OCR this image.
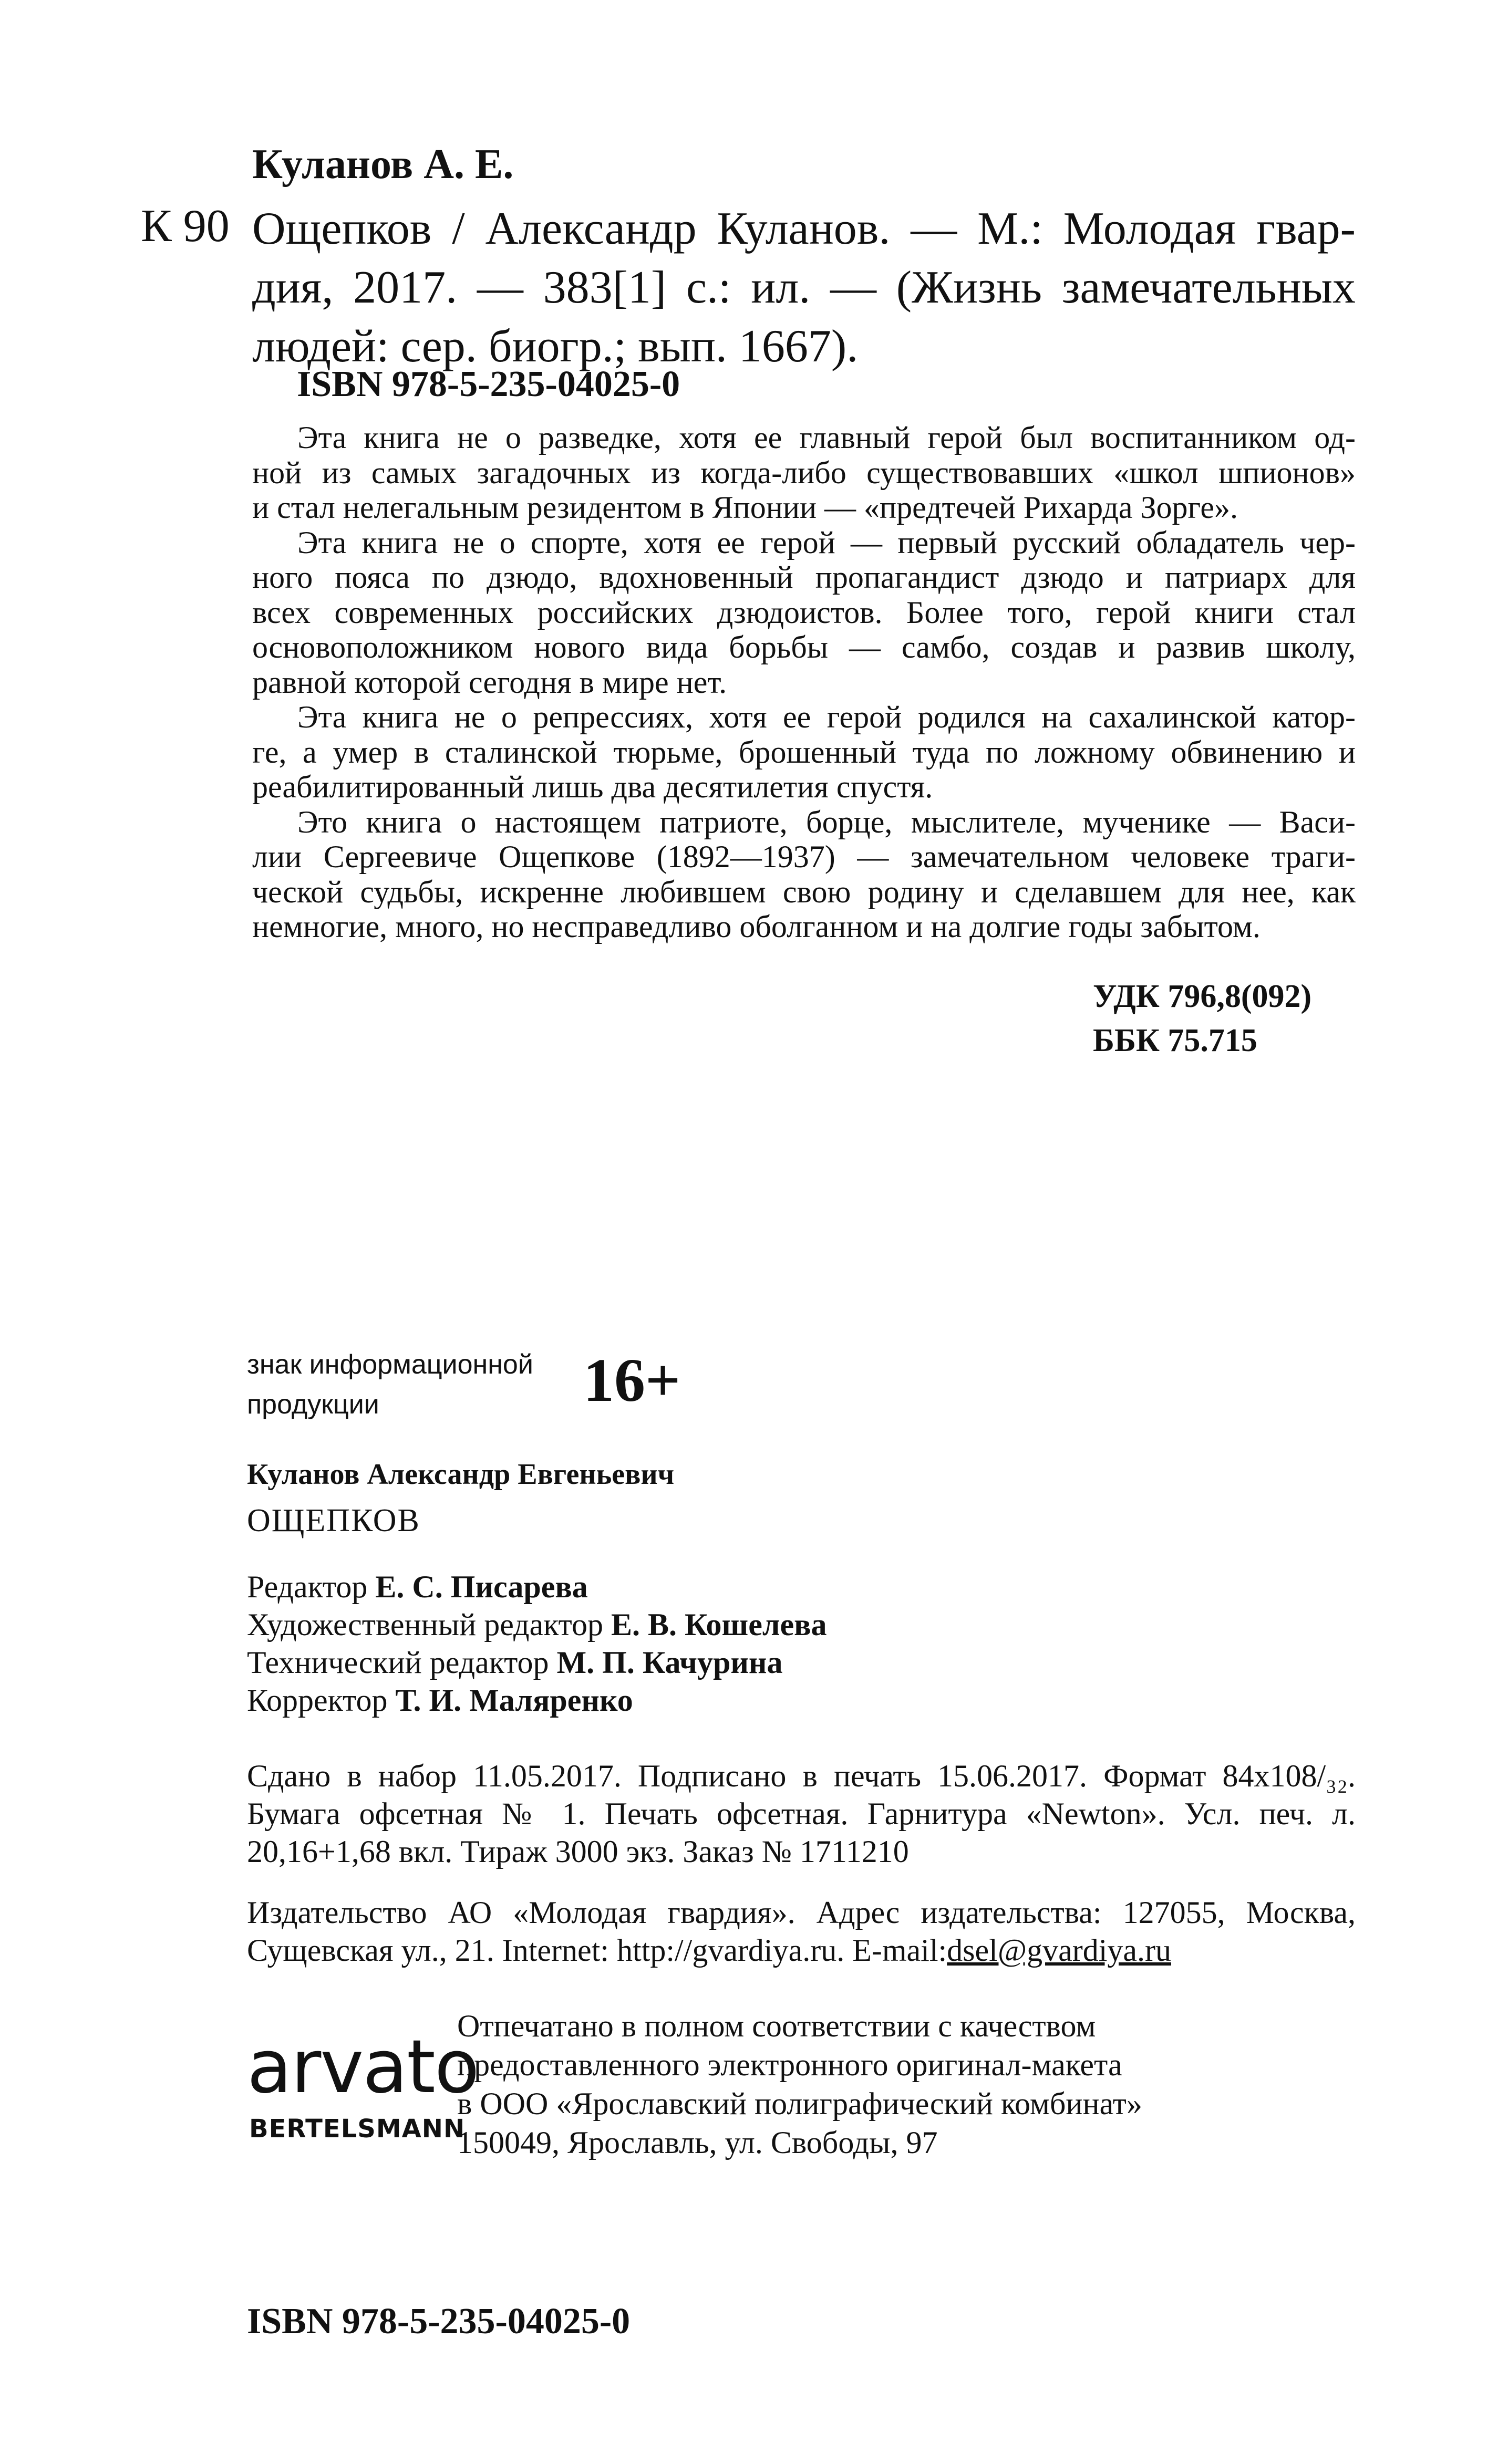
Куланов А. Е.
К 90 Ощепков / Александр Куланов. — М.: Молодая гвар-
дия, 2017. — 383[1] с.: ил. — (Жизнь замечательных
людей: сер. биогр.; вып. 1667).
ISBN 978-5-235-04025-0
Эта книга не о разведке, хотя ее главный герой был воспитанником од-
ной из самых загадочных из когда-либо существовавших «школ шпионов»
и стал нелегальным резидентом в Японии — «предтечей Рихарда Зорге».
Эта книга не о спорте, хотя ее герой — первый русский обладатель чер-
ного пояса по дзюдо, вдохновенный пропагандист дзюдо и патриарх для
всех современных российских дзюдоистов. Более того, герой книги стал
основоположником нового вида борьбы — самбо, создав и развив школу,
равной которой сегодня в мире нет.
Эта книга не о репрессиях, хотя ее герой родился на сахалинской катор-
ге, а умер в сталинской тюрьме, брошенный туда по ложному обвинению и
реабилитированный лишь два десятилетия спустя.
Это книга о настоящем патриоте, борце, мыслителе, мученике — Васи-
лии Сергеевиче Ощепкове (1892—1937) — замечательном человеке траги-
ческой судьбы, искренне любившем свою родину и сделавшем для нее, как
немногие, много, но несправедливо оболганном и на долгие годы забытом.
УДК 796,8(092)
ББК 75.715
знак информационной
продукции	16+
Куланов Александр Евгеньевич
ОЩЕПКОВ
Редактор Е. С. Писарева
Художественный редактор Е. В. Кошелева
Технический редактор М. П. Качурина
Корректор Т. И. Маляренко
Сдано в набор 11.05.2017. Подписано в печать 15.06.2017. Формат 84x108/₃₂.
Бумага офсетная № 1. Печать офсетная. Гарнитура «Newton». Усл. печ. л.
20,16+1,68 вкл. Тираж 3000 экз. Заказ № 1711210
Издательство АО «Молодая гвардия». Адрес издательства: 127055, Москва,
Сущевская ул., 21. Internet: http://gvardiya.ru. E-mail:dsel@gvardiya.ru
arvato
BERTELSMANN
Отпечатано в полном соответствии с качеством
предоставленного электронного оригинал-макета
в ООО «Ярославский полиграфический комбинат»
150049, Ярославль, ул. Свободы, 97
ISBN 978-5-235-04025-0
